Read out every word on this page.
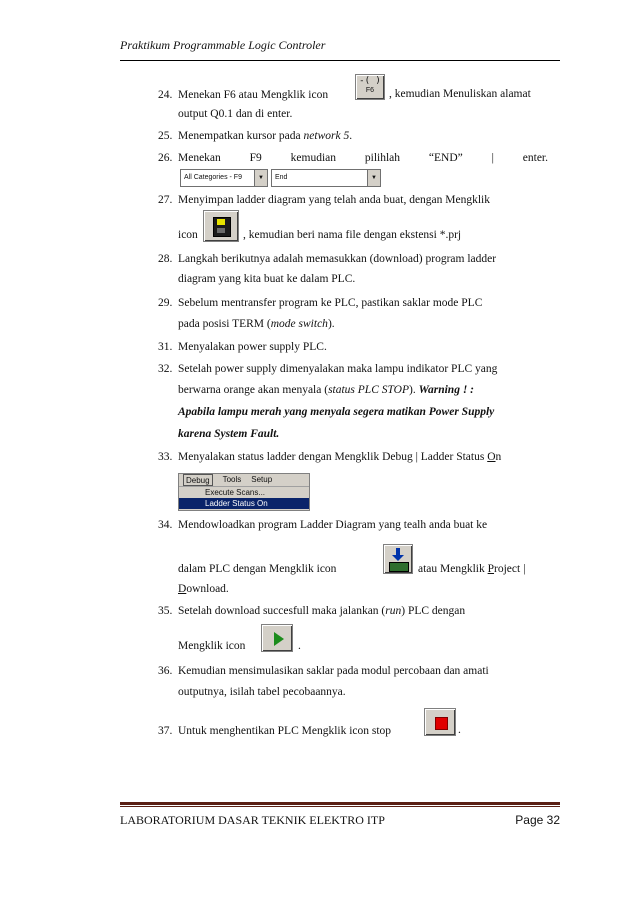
Praktikum Programmable Logic Controler
24. Menekan F6 atau Mengklik icon
-( )
F6	, kemudian Menuliskan alamat
output Q0.1 dan di enter.
25. Menempatkan kursor pada network 5.
26. Menekan	F9	kemudian	pilihlah	“END”	|	enter.
All Categories - F9	▼	End	▼
27. Menyimpan ladder diagram yang telah anda buat, dengan Mengklik
icon	, kemudian beri nama file dengan ekstensi *.prj
28. Langkah berikutnya adalah memasukkan (download) program ladder
diagram yang kita buat ke dalam PLC.
29. Sebelum mentransfer program ke PLC, pastikan saklar mode PLC
pada posisi TERM (mode switch).
31. Menyalakan power supply PLC.
32. Setelah power supply dimenyalakan maka lampu indikator PLC yang
berwarna orange akan menyala (status PLC STOP). Warning ! :
Apabila lampu merah yang menyala segera matikan Power Supply
karena System Fault.
33. Menyalakan status ladder dengan Mengklik Debug | Ladder Status On
Debug	Tools Setup
Execute Scans...
Ladder Status On
34. Mendowloadkan program Ladder Diagram yang tealh anda buat ke
dalam PLC dengan Mengklik icon	atau Mengklik Project |
Download.
35. Setelah download succesfull maka jalankan (run) PLC dengan
Mengklik icon	.
36. Kemudian mensimulasikan saklar pada modul percobaan dan amati
outputnya, isilah tabel pecobaannya.
37. Untuk menghentikan PLC Mengklik icon stop	.
LABORATORIUM DASAR TEKNIK ELEKTRO ITP	Page 32
